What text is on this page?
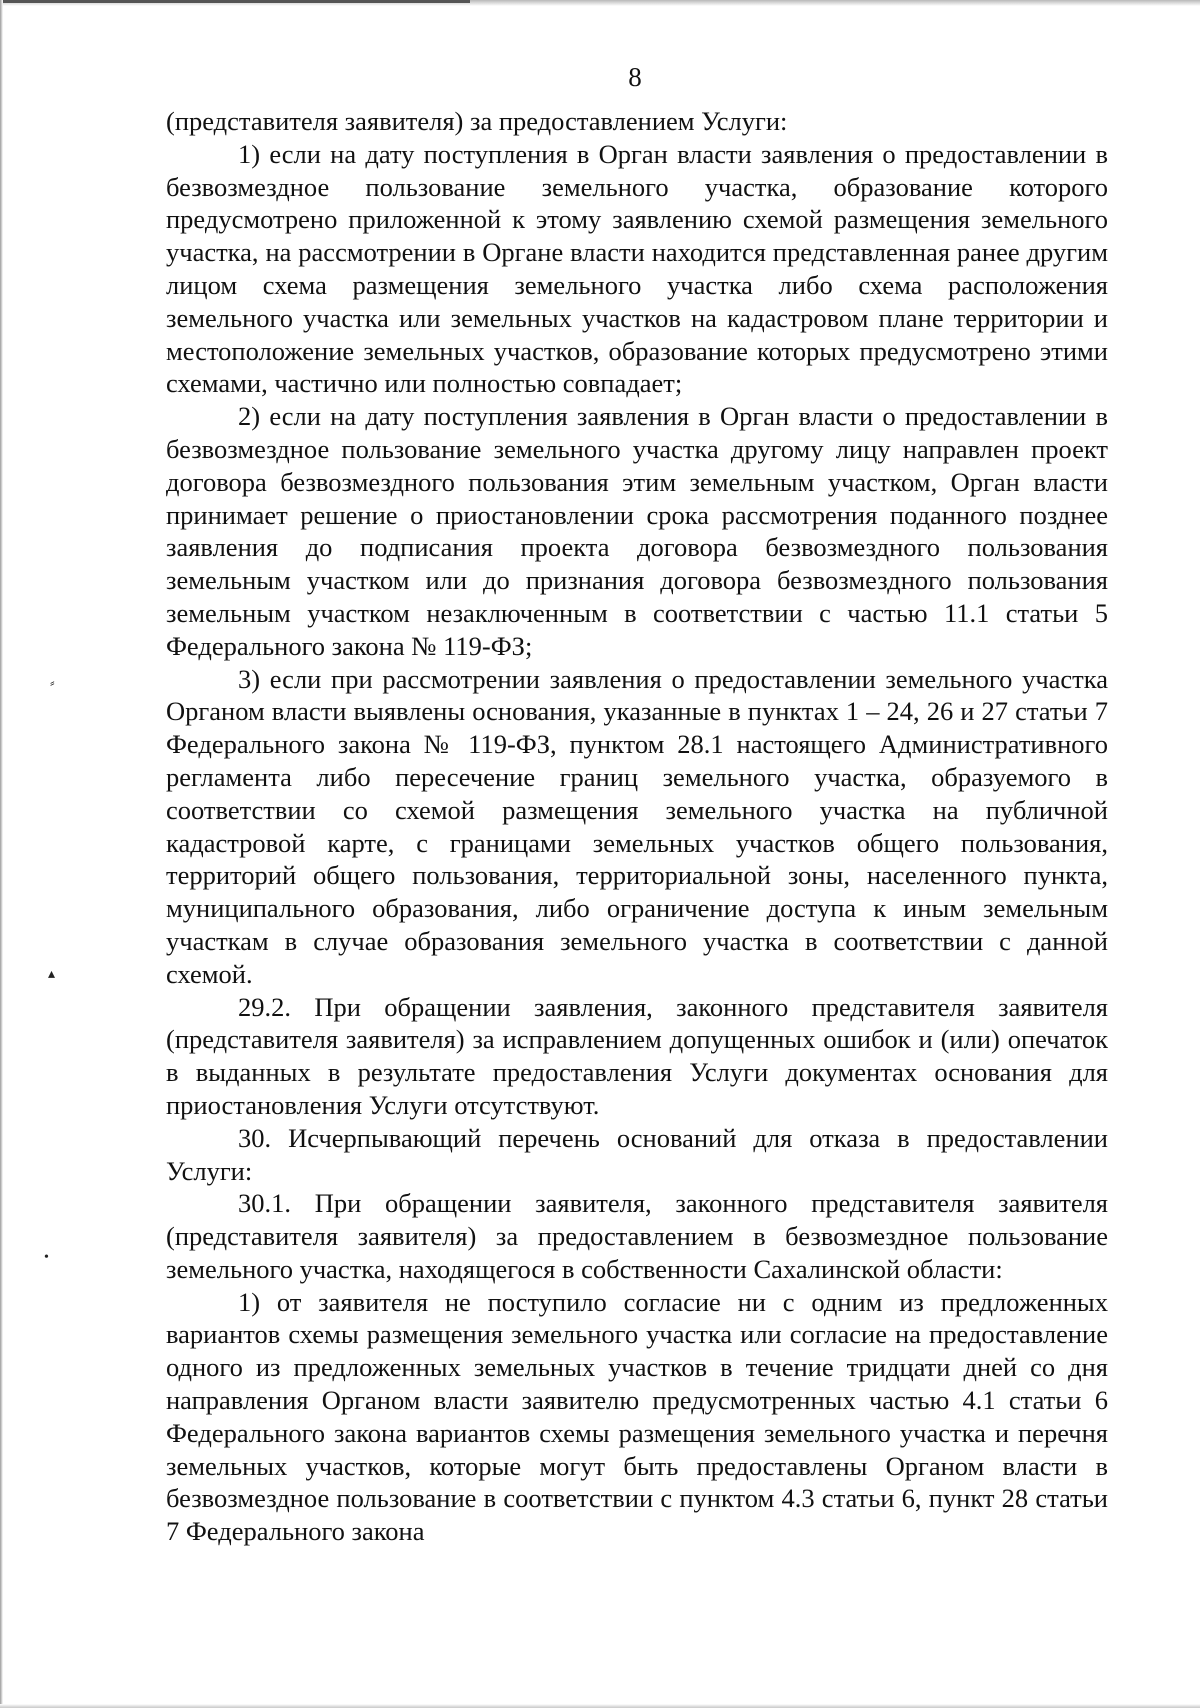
8

(представителя заявителя) за предоставлением Услуги:

1) если на дату поступления в Орган власти заявления о предоставлении в безвозмездное пользование земельного участка, образование которого предусмотрено приложенной к этому заявлению схемой размещения земельного участка, на рассмотрении в Органе власти находится представленная ранее другим лицом схема размещения земельного участка либо схема расположения земельного участка или земельных участков на кадастровом плане территории и местоположение земельных участков, образование которых предусмотрено этими схемами, частично или полностью совпадает;

2) если на дату поступления заявления в Орган власти о предоставлении в безвозмездное пользование земельного участка другому лицу направлен проект договора безвозмездного пользования этим земельным участком, Орган власти принимает решение о приостановлении срока рассмотрения поданного позднее заявления до подписания проекта договора безвозмездного пользования земельным участком или до признания договора безвозмездного пользования земельным участком незаключенным в соответствии с частью 11.1 статьи 5 Федерального закона № 119-ФЗ;

3) если при рассмотрении заявления о предоставлении земельного участка Органом власти выявлены основания, указанные в пунктах 1 – 24, 26 и 27 статьи 7 Федерального закона № 119-ФЗ, пунктом 28.1 настоящего Административного регламента либо пересечение границ земельного участка, образуемого в соответствии со схемой размещения земельного участка на публичной кадастровой карте, с границами земельных участков общего пользования, территорий общего пользования, территориальной зоны, населенного пункта, муниципального образования, либо ограничение доступа к иным земельным участкам в случае образования земельного участка в соответствии с данной схемой.

29.2. При обращении заявления, законного представителя заявителя (представителя заявителя) за исправлением допущенных ошибок и (или) опечаток в выданных в результате предоставления Услуги документах основания для приостановления Услуги отсутствуют.

30. Исчерпывающий перечень оснований для отказа в предоставлении Услуги:

30.1. При обращении заявителя, законного представителя заявителя (представителя заявителя) за предоставлением в безвозмездное пользование земельного участка, находящегося в собственности Сахалинской области:

1) от заявителя не поступило согласие ни с одним из предложенных вариантов схемы размещения земельного участка или согласие на предоставление одного из предложенных земельных участков в течение тридцати дней со дня направления Органом власти заявителю предусмотренных частью 4.1 статьи 6 Федерального закона вариантов схемы размещения земельного участка и перечня земельных участков, которые могут быть предоставлены Органом власти в безвозмездное пользование в соответствии с пунктом 4.3 статьи 6, пункт 28 статьи 7 Федерального закона

⸗
▴
•
